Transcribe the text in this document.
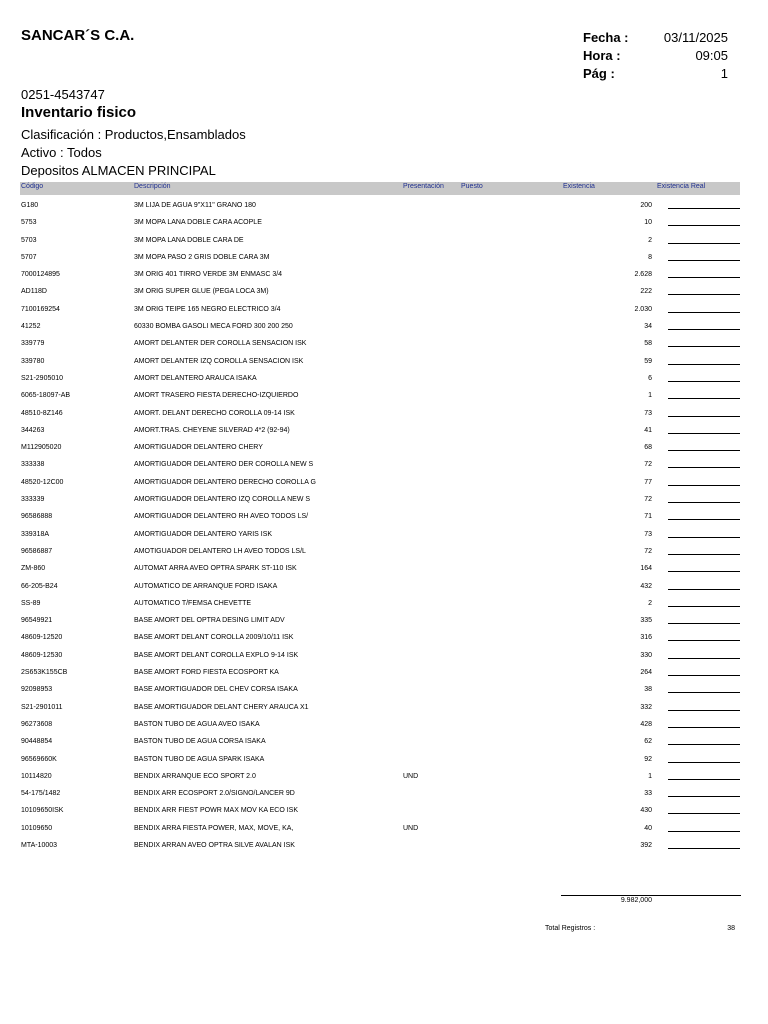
SANCAR´S C.A.	Fecha :	03/11/2025
Hora :	09:05
Pág :	1
0251-4543747
Inventario fisico
Clasificación : Productos,Ensamblados
Activo : Todos
Depositos ALMACEN PRINCIPAL
Código	Descripción	Presentación Puesto	Existencia	Existencia Real
G180	3M LIJA DE AGUA 9"X11" GRANO 180	200
5753	3M MOPA LANA DOBLE CARA ACOPLE	10
5703	3M MOPA LANA DOBLE CARA DE	2
5707	3M MOPA PASO 2 GRIS DOBLE CARA 3M	8
7000124895	3M ORIG 401 TIRRO VERDE 3M ENMASC 3/4	2.628
AD118D	3M ORIG SUPER GLUE (PEGA LOCA 3M)	222
7100169254	3M ORIG TEIPE 165 NEGRO ELECTRICO 3/4	2.030
41252	60330 BOMBA GASOLI MECA FORD 300 200 250	34
339779	AMORT DELANTER DER COROLLA SENSACION ISK	58
339780	AMORT DELANTER IZQ COROLLA SENSACION ISK	59
S21-2905010	AMORT DELANTERO ARAUCA ISAKA	6
6065-18097-AB	AMORT TRASERO FIESTA DERECHO-IZQUIERDO	1
48510-8Z146	AMORT. DELANT DERECHO COROLLA 09-14 ISK	73
344263	AMORT.TRAS. CHEYENE SILVERAD 4*2 (92-94)	41
M112905020	AMORTIGUADOR DELANTERO CHERY	68
333338	AMORTIGUADOR DELANTERO DER COROLLA NEW S	72
48520-12C00	AMORTIGUADOR DELANTERO DERECHO COROLLA G	77
333339	AMORTIGUADOR DELANTERO IZQ COROLLA NEW S	72
96586888	AMORTIGUADOR DELANTERO RH AVEO TODOS LS/	71
339318A	AMORTIGUADOR DELANTERO YARIS ISK	73
96586887	AMOTIGUADOR DELANTERO LH AVEO TODOS LS/L	72
ZM-860	AUTOMAT ARRA AVEO OPTRA SPARK ST-110 ISK	164
66-205-B24	AUTOMATICO DE ARRANQUE FORD ISAKA	432
SS-89	AUTOMATICO T/FEMSA CHEVETTE	2
96549921	BASE AMORT DEL OPTRA DESING LIMIT ADV	335
48609-12520	BASE AMORT DELANT COROLLA 2009/10/11 ISK	316
48609-12530	BASE AMORT DELANT COROLLA EXPLO 9-14 ISK	330
2S653K155CB	BASE AMORT FORD FIESTA ECOSPORT KA	264
92098953	BASE AMORTIGUADOR DEL CHEV CORSA ISAKA	38
S21-2901011	BASE AMORTIGUADOR DELANT CHERY ARAUCA X1	332
96273608	BASTON TUBO DE AGUA AVEO ISAKA	428
90448854	BASTON TUBO DE AGUA CORSA ISAKA	62
96569660K	BASTON TUBO DE AGUA SPARK ISAKA	92
10114820	BENDIX ARRANQUE ECO SPORT 2.0	UND	1
54-175/1482	BENDIX ARR ECOSPORT 2.0/SIGNO/LANCER 9D	33
10109650ISK	BENDIX ARR FIEST POWR MAX MOV KA ECO ISK	430
10109650	BENDIX ARRA FIESTA POWER, MAX, MOVE, KA,	UND	40
MTA-10003	BENDIX ARRAN AVEO OPTRA SILVE AVALAN ISK	392
9.982,000
Total Registros :	38
